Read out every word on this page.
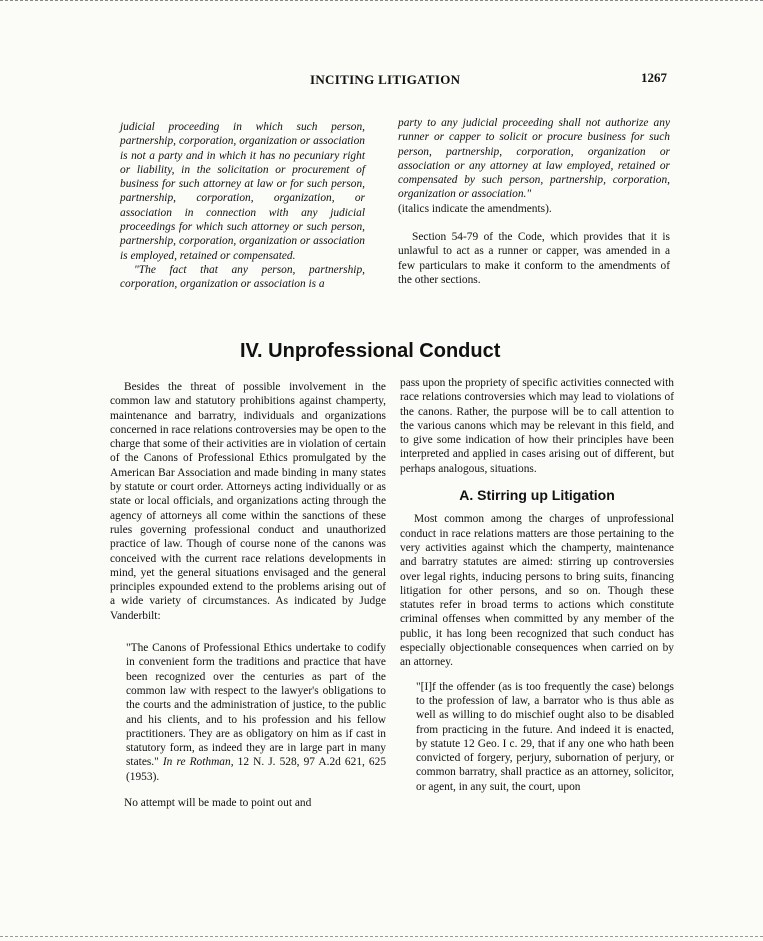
INCITING LITIGATION	1267

judicial proceeding in which such person, partnership, corporation, organization or association is not a party and in which it has no pecuniary right or liability, in the solicitation or procurement of business for such attorney at law or for such person, partnership, corporation, organization, or association in connection with any judicial proceedings for which such attorney or such person, partnership, corporation, organization or association is employed, retained or compensated.

"The fact that any person, partnership, corporation, organization or association is a

party to any judicial proceeding shall not authorize any runner or capper to solicit or procure business for such person, partnership, corporation, organization or association or any attorney at law employed, retained or compensated by such person, partnership, corporation, organization or association."

(italics indicate the amendments).

Section 54-79 of the Code, which provides that it is unlawful to act as a runner or capper, was amended in a few particulars to make it conform to the amendments of the other sections.

IV. Unprofessional Conduct

Besides the threat of possible involvement in the common law and statutory prohibitions against champerty, maintenance and barratry, individuals and organizations concerned in race relations controversies may be open to the charge that some of their activities are in violation of certain of the Canons of Professional Ethics promulgated by the American Bar Association and made binding in many states by statute or court order. Attorneys acting individually or as state or local officials, and organizations acting through the agency of attorneys all come within the sanctions of these rules governing professional conduct and unauthorized practice of law. Though of course none of the canons was conceived with the current race relations developments in mind, yet the general situations envisaged and the general principles expounded extend to the problems arising out of a wide variety of circumstances. As indicated by Judge Vanderbilt:

"The Canons of Professional Ethics undertake to codify in convenient form the traditions and practice that have been recognized over the centuries as part of the common law with respect to the lawyer's obligations to the courts and the administration of justice, to the public and his clients, and to his profession and his fellow practitioners. They are as obligatory on him as if cast in statutory form, as indeed they are in large part in many states." In re Rothman, 12 N. J. 528, 97 A.2d 621, 625 (1953).

No attempt will be made to point out and

pass upon the propriety of specific activities connected with race relations controversies which may lead to violations of the canons. Rather, the purpose will be to call attention to the various canons which may be relevant in this field, and to give some indication of how their principles have been interpreted and applied in cases arising out of different, but perhaps analogous, situations.

A. Stirring up Litigation

Most common among the charges of unprofessional conduct in race relations matters are those pertaining to the very activities against which the champerty, maintenance and barratry statutes are aimed: stirring up controversies over legal rights, inducing persons to bring suits, financing litigation for other persons, and so on. Though these statutes refer in broad terms to actions which constitute criminal offenses when committed by any member of the public, it has long been recognized that such conduct has especially objectionable consequences when carried on by an attorney.

"[I]f the offender (as is too frequently the case) belongs to the profession of law, a barrator who is thus able as well as willing to do mischief ought also to be disabled from practicing in the future. And indeed it is enacted, by statute 12 Geo. I c. 29, that if any one who hath been convicted of forgery, perjury, subornation of perjury, or common barratry, shall practice as an attorney, solicitor, or agent, in any suit, the court, upon
